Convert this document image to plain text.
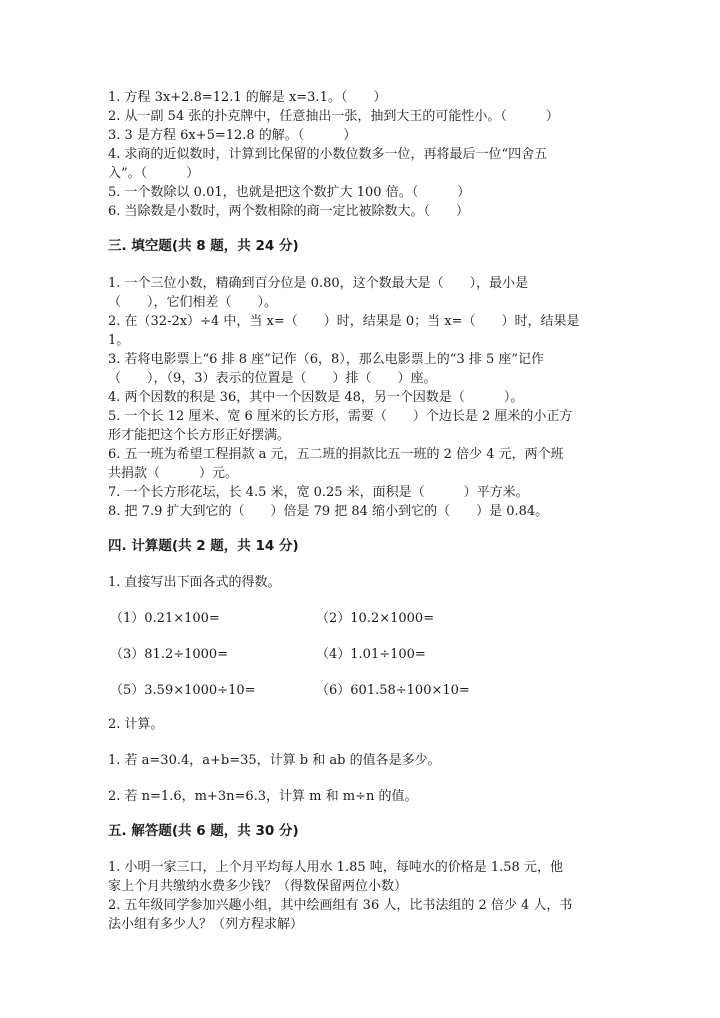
1. 方程 3x+2.8=12.1 的解是 x=3.1。（　　）
2. 从一副 54 张的扑克牌中，任意抽出一张，抽到大王的可能性小。（　　　）
3. 3 是方程 6x+5=12.8 的解。（　　　）
4. 求商的近似数时，计算到比保留的小数位数多一位，再将最后一位“四舍五
入”。（　　　）
5. 一个数除以 0.01，也就是把这个数扩大 100 倍。（　　　）
6. 当除数是小数时，两个数相除的商一定比被除数大。（　　）
三. 填空题(共 8 题，共 24 分)
1. 一个三位小数，精确到百分位是 0.80，这个数最大是（　　），最小是
（　　），它们相差（　　）。
2. 在（32-2x）÷4 中，当 x=（　　）时，结果是 0；当 x=（　　）时，结果是
1。
3. 若将电影票上“6 排 8 座”记作（6，8），那么电影票上的“3 排 5 座”记作
（　　），（9，3）表示的位置是（　　）排（　　）座。
4. 两个因数的积是 36，其中一个因数是 48，另一个因数是（　　　）。
5. 一个长 12 厘米、宽 6 厘米的长方形，需要（　　）个边长是 2 厘米的小正方
形才能把这个长方形正好摆满。
6. 五一班为希望工程捐款 a 元，五二班的捐款比五一班的 2 倍少 4 元，两个班
共捐款（　　　）元。
7. 一个长方形花坛，长 4.5 米，宽 0.25 米，面积是（　　　）平方米。
8. 把 7.9 扩大到它的（　　）倍是 79 把 84 缩小到它的（　　）是 0.84。
四. 计算题(共 2 题，共 14 分)
1. 直接写出下面各式的得数。
（1）0.21×100=	（2）10.2×1000=
（3）81.2÷1000=	（4）1.01÷100=
（5）3.59×1000÷10=	（6）601.58÷100×10=
2. 计算。
1. 若 a=30.4，a+b=35，计算 b 和 ab 的值各是多少。
2. 若 n=1.6，m+3n=6.3，计算 m 和 m÷n 的值。
五. 解答题(共 6 题，共 30 分)
1. 小明一家三口，上个月平均每人用水 1.85 吨，每吨水的价格是 1.58 元，他
家上个月共缴纳水费多少钱？（得数保留两位小数）
2. 五年级同学参加兴趣小组，其中绘画组有 36 人，比书法组的 2 倍少 4 人，书
法小组有多少人？（列方程求解）
